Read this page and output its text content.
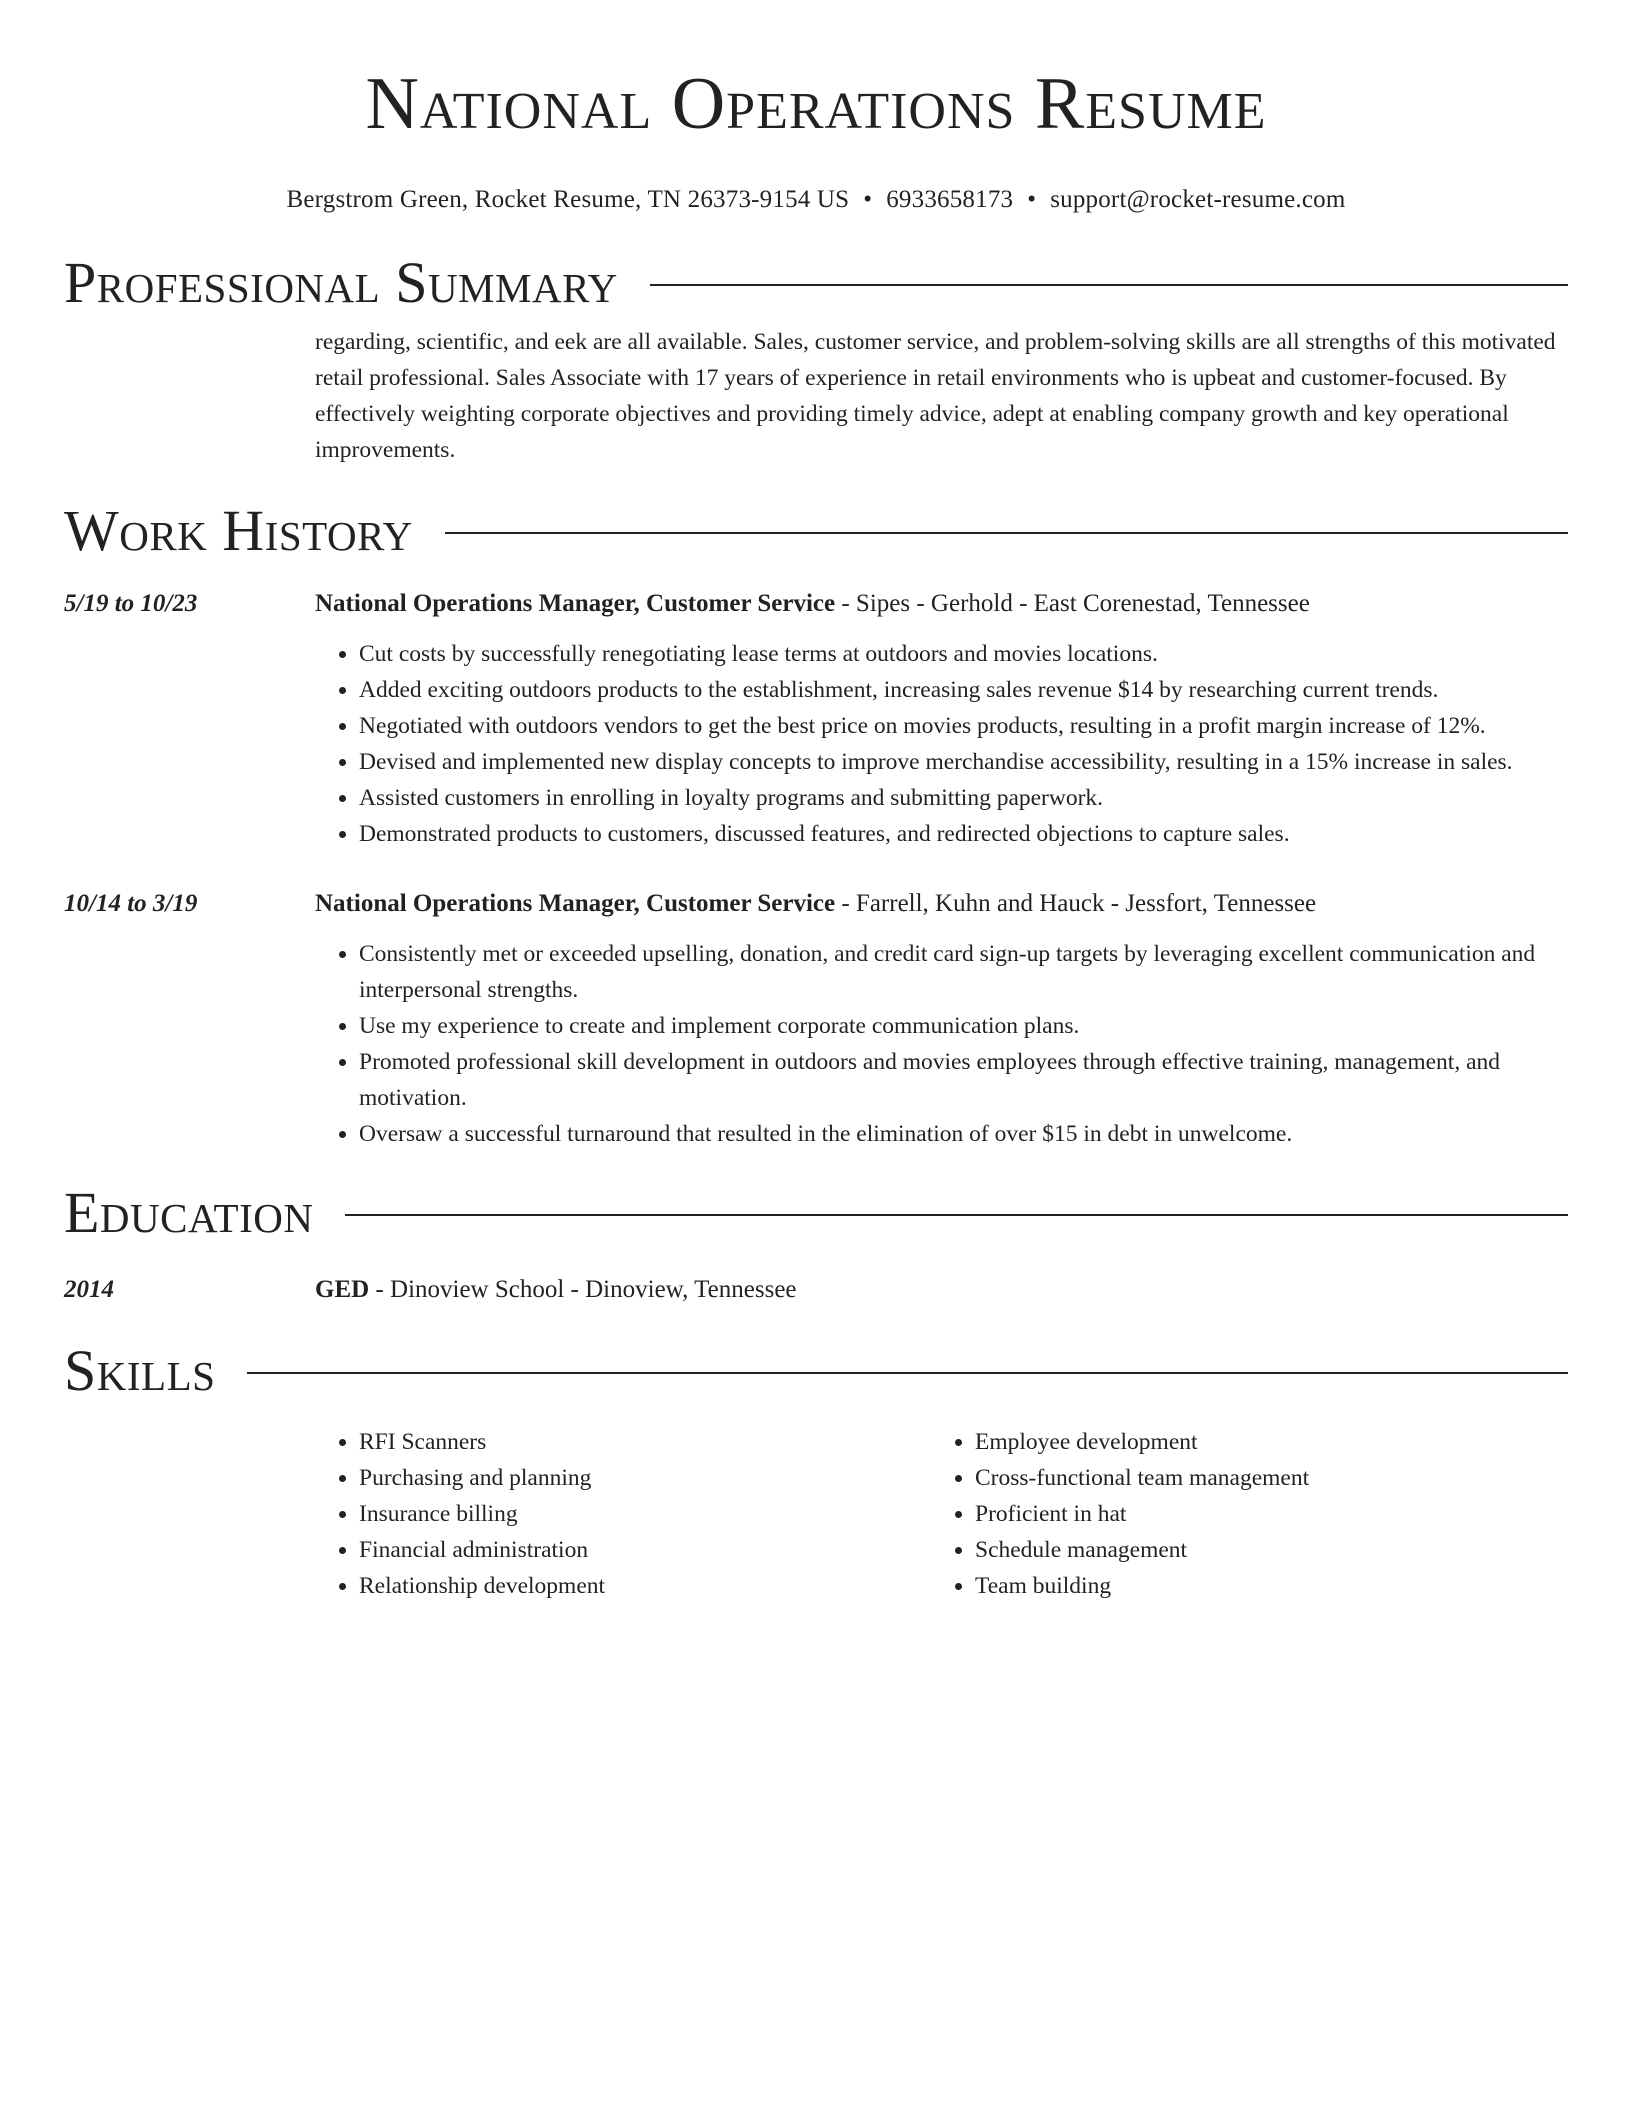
National Operations Resume
Bergstrom Green, Rocket Resume, TN 26373-9154 US • 6933658173 • support@rocket-resume.com
Professional Summary
regarding, scientific, and eek are all available. Sales, customer service, and problem-solving skills are all strengths of this motivated retail professional. Sales Associate with 17 years of experience in retail environments who is upbeat and customer-focused. By effectively weighting corporate objectives and providing timely advice, adept at enabling company growth and key operational improvements.
Work History
5/19 to 10/23	National Operations Manager, Customer Service - Sipes - Gerhold - East Corenestad, Tennessee
• Cut costs by successfully renegotiating lease terms at outdoors and movies locations.
• Added exciting outdoors products to the establishment, increasing sales revenue $14 by researching current trends.
• Negotiated with outdoors vendors to get the best price on movies products, resulting in a profit margin increase of 12%.
• Devised and implemented new display concepts to improve merchandise accessibility, resulting in a 15% increase in sales.
• Assisted customers in enrolling in loyalty programs and submitting paperwork.
• Demonstrated products to customers, discussed features, and redirected objections to capture sales.
10/14 to 3/19	National Operations Manager, Customer Service - Farrell, Kuhn and Hauck - Jessfort, Tennessee
• Consistently met or exceeded upselling, donation, and credit card sign-up targets by leveraging excellent communication and interpersonal strengths.
• Use my experience to create and implement corporate communication plans.
• Promoted professional skill development in outdoors and movies employees through effective training, management, and motivation.
• Oversaw a successful turnaround that resulted in the elimination of over $15 in debt in unwelcome.
Education
2014	GED - Dinoview School - Dinoview, Tennessee
Skills
• RFI Scanners
• Purchasing and planning
• Insurance billing
• Financial administration
• Relationship development
• Employee development
• Cross-functional team management
• Proficient in hat
• Schedule management
• Team building
